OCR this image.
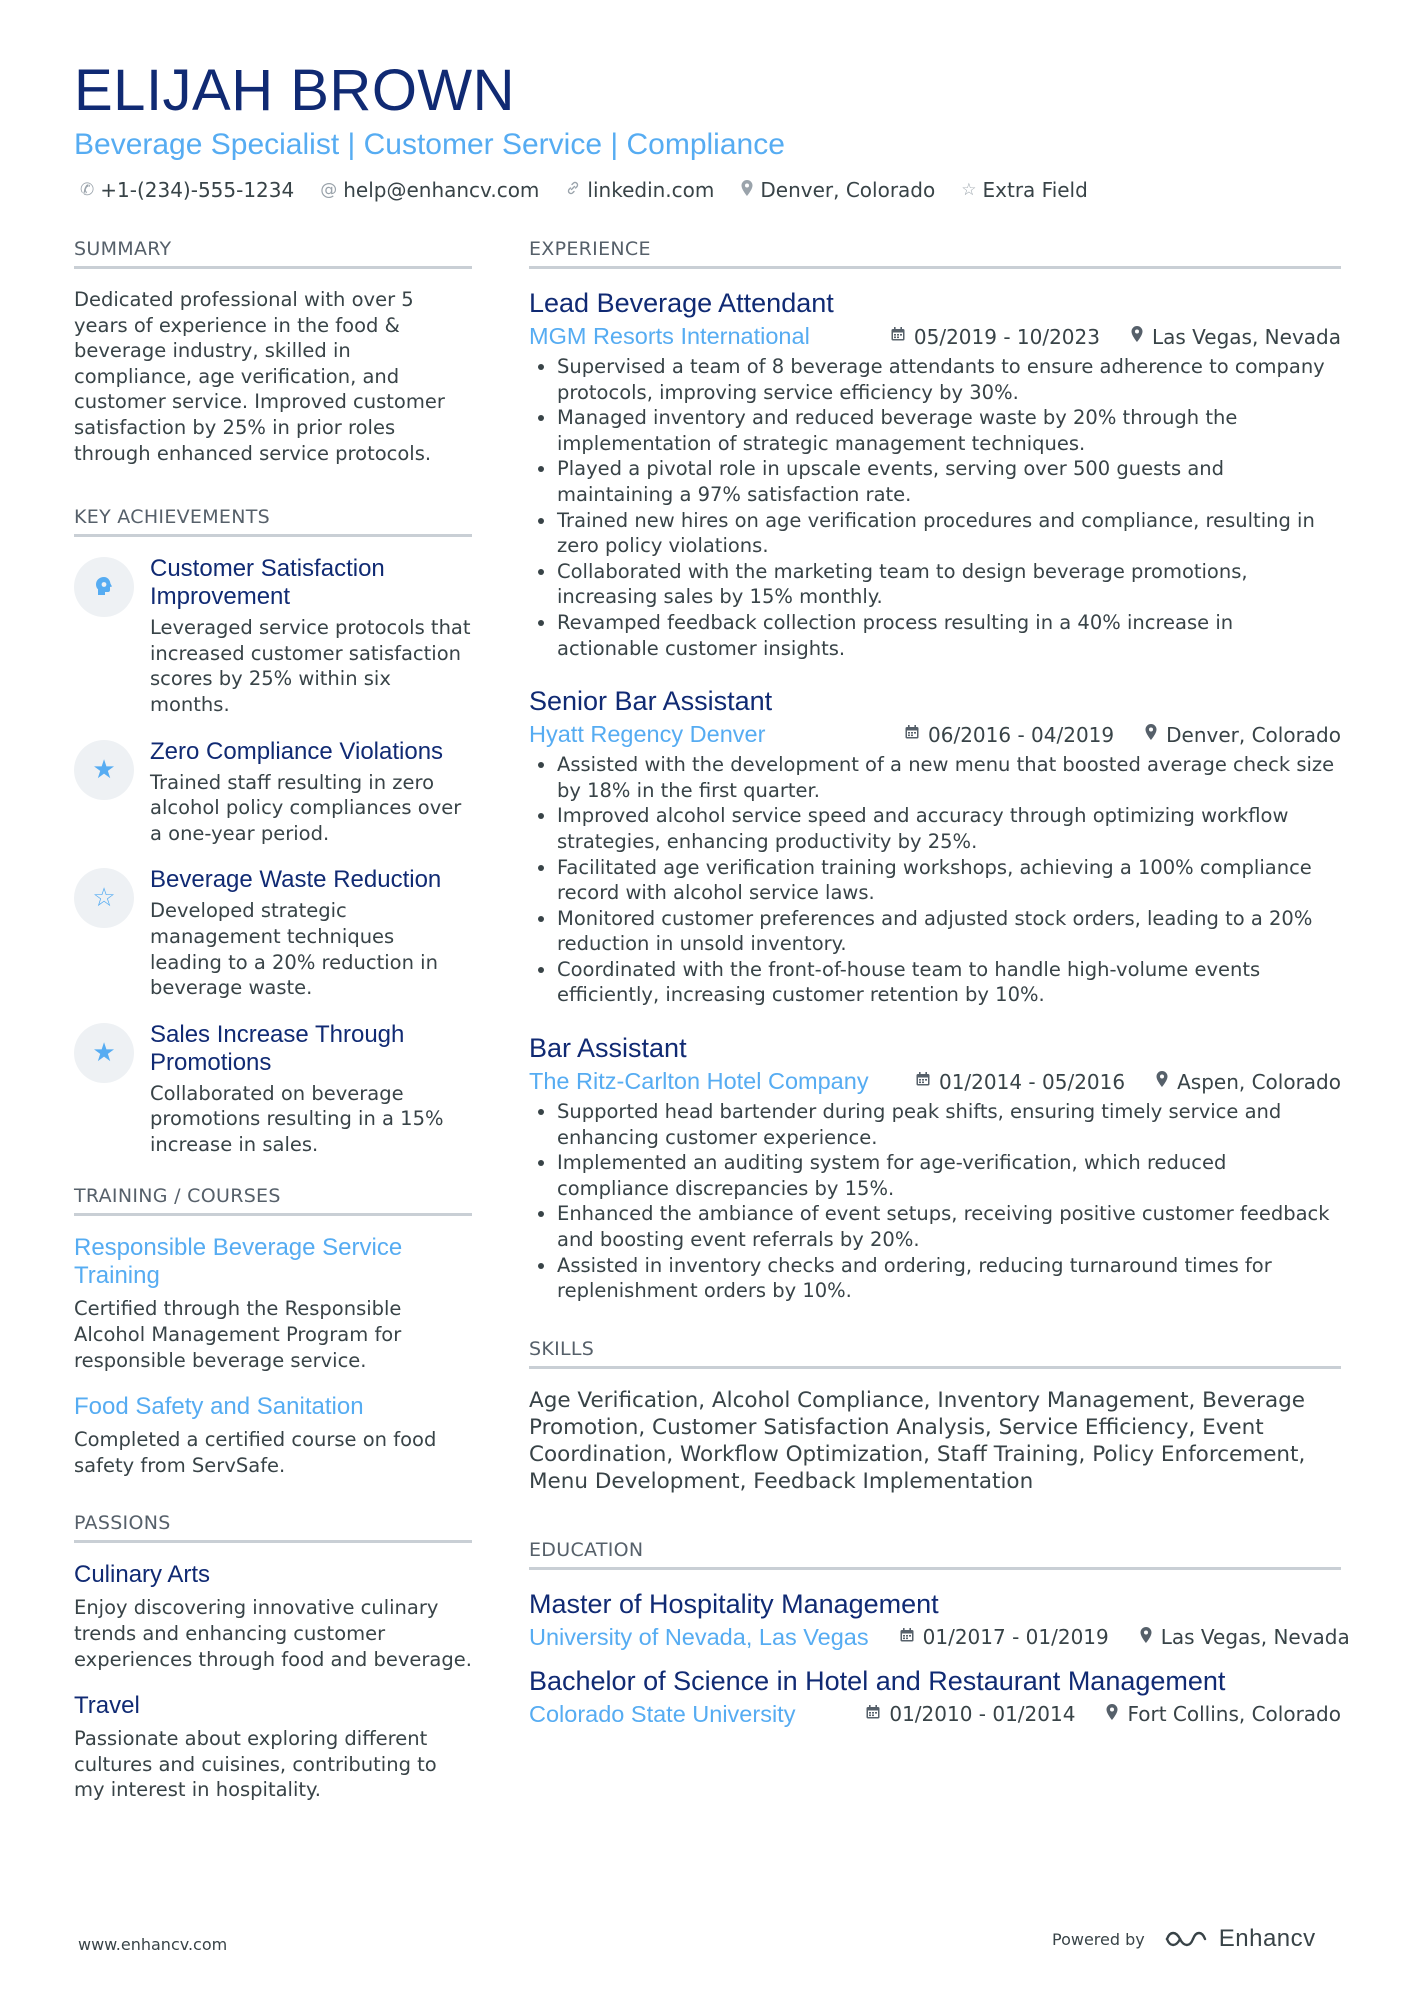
ELIJAH BROWN
Beverage Specialist | Customer Service | Compliance
✆ +1-(234)-555-1234 @ help@enhancv.com linkedin.com Denver, Colorado ☆ Extra Field
SUMMARY
Dedicated professional with over 5 years of experience in the food & beverage industry, skilled in compliance, age verification, and customer service. Improved customer satisfaction by 25% in prior roles through enhanced service protocols.
KEY ACHIEVEMENTS
Customer Satisfaction Improvement
Leveraged service protocols that increased customer satisfaction scores by 25% within six months.
★
Zero Compliance Violations
Trained staff resulting in zero alcohol policy compliances over a one-year period.
☆
Beverage Waste Reduction
Developed strategic management techniques leading to a 20% reduction in beverage waste.
★
Sales Increase Through Promotions
Collaborated on beverage promotions resulting in a 15% increase in sales.
TRAINING / COURSES
Responsible Beverage Service Training
Certified through the Responsible Alcohol Management Program for responsible beverage service.
Food Safety and Sanitation
Completed a certified course on food safety from ServSafe.
PASSIONS
Culinary Arts
Enjoy discovering innovative culinary trends and enhancing customer experiences through food and beverage.
Travel
Passionate about exploring different cultures and cuisines, contributing to my interest in hospitality.
EXPERIENCE
Lead Beverage Attendant
MGM Resorts International	05/2019 - 10/2023	Las Vegas, Nevada
• Supervised a team of 8 beverage attendants to ensure adherence to company protocols, improving service efficiency by 30%.
• Managed inventory and reduced beverage waste by 20% through the implementation of strategic management techniques.
• Played a pivotal role in upscale events, serving over 500 guests and maintaining a 97% satisfaction rate.
• Trained new hires on age verification procedures and compliance, resulting in zero policy violations.
• Collaborated with the marketing team to design beverage promotions, increasing sales by 15% monthly.
• Revamped feedback collection process resulting in a 40% increase in actionable customer insights.
Senior Bar Assistant
Hyatt Regency Denver	06/2016 - 04/2019	Denver, Colorado
• Assisted with the development of a new menu that boosted average check size by 18% in the first quarter.
• Improved alcohol service speed and accuracy through optimizing workflow strategies, enhancing productivity by 25%.
• Facilitated age verification training workshops, achieving a 100% compliance record with alcohol service laws.
• Monitored customer preferences and adjusted stock orders, leading to a 20% reduction in unsold inventory.
• Coordinated with the front-of-house team to handle high-volume events efficiently, increasing customer retention by 10%.
Bar Assistant
The Ritz-Carlton Hotel Company	01/2014 - 05/2016	Aspen, Colorado
• Supported head bartender during peak shifts, ensuring timely service and enhancing customer experience.
• Implemented an auditing system for age-verification, which reduced compliance discrepancies by 15%.
• Enhanced the ambiance of event setups, receiving positive customer feedback and boosting event referrals by 20%.
• Assisted in inventory checks and ordering, reducing turnaround times for replenishment orders by 10%.
SKILLS
Age Verification, Alcohol Compliance, Inventory Management, Beverage Promotion, Customer Satisfaction Analysis, Service Efficiency, Event Coordination, Workflow Optimization, Staff Training, Policy Enforcement, Menu Development, Feedback Implementation
EDUCATION
Master of Hospitality Management
University of Nevada, Las Vegas	01/2017 - 01/2019	Las Vegas, Nevada
Bachelor of Science in Hotel and Restaurant Management
Colorado State University	01/2010 - 01/2014	Fort Collins, Colorado
www.enhancv.com	Powered by	Enhancv
